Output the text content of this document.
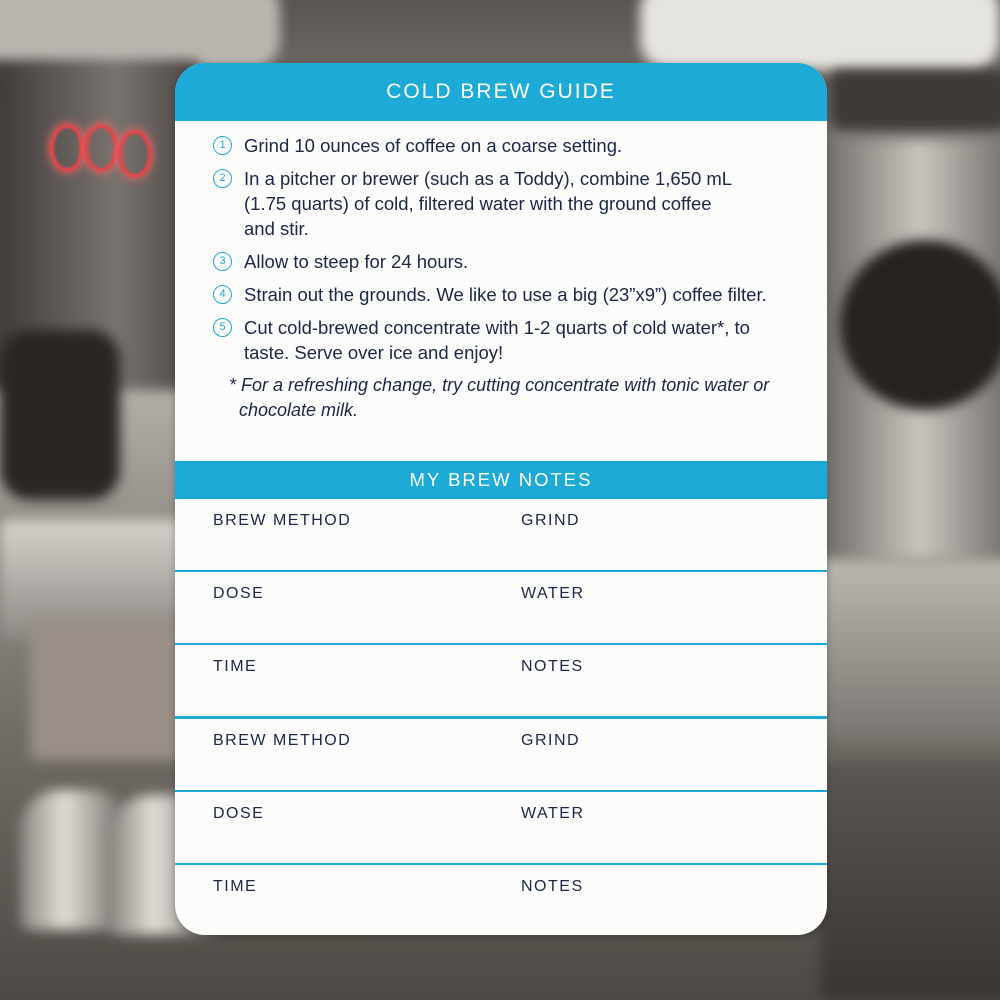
COLD BREW GUIDE
1 Grind 10 ounces of coffee on a coarse setting.
2 In a pitcher or brewer (such as a Toddy), combine 1,650 mL (1.75 quarts) of cold, filtered water with the ground coffee and stir.
3 Allow to steep for 24 hours.
4 Strain out the grounds. We like to use a big (23”x9”) coffee filter.
5 Cut cold-brewed concentrate with 1-2 quarts of cold water*, to taste. Serve over ice and enjoy!
* For a refreshing change, try cutting concentrate with tonic water or chocolate milk.
MY BREW NOTES
BREW METHOD	GRIND
DOSE	WATER
TIME	NOTES
BREW METHOD	GRIND
DOSE	WATER
TIME	NOTES
